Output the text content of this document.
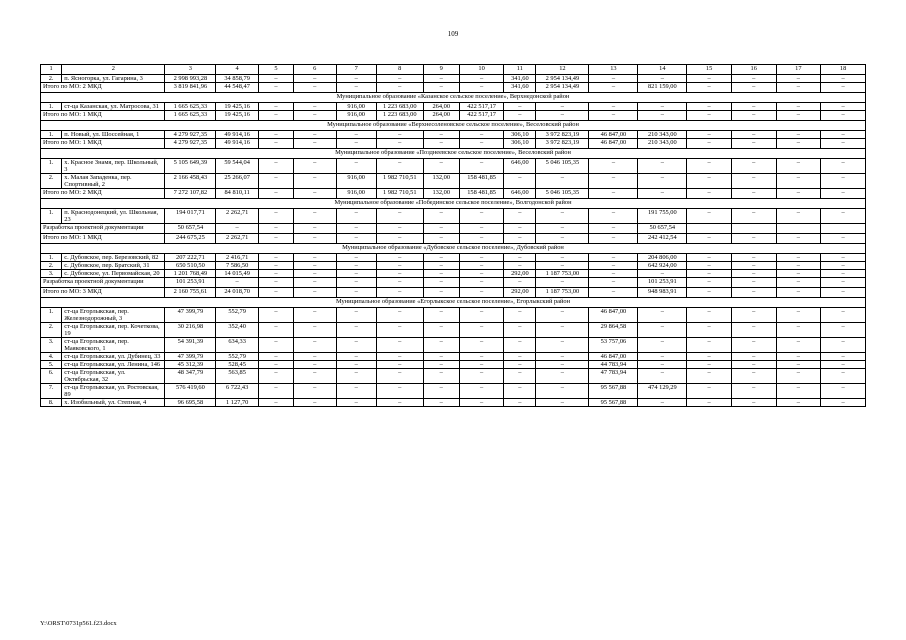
109
1	2	3	4	5	6	7	8	9	10	11	12	13	14	15	16	17	18
2.	п. Ясногорка, ул. Гагарина, 3	2 998 993,28	34 858,79	–	–	–	–	–	–	341,60	2 954 134,49	–	–	–	–	–	–
Итого по МО: 2 МКД		3 819 841,96	44 548,47	–	–	–	–	–	–	341,60	2 954 134,49	–	821 159,00	–	–	–	–
Муниципальное образование «Казанское сельское поселение», Верхнедонской район																	
1.	ст-ца Казанская, ул. Матросова, 31	1 665 625,33	19 425,16	–	–	916,00	1 223 683,00	264,00	422 517,17	–	–	–	–	–	–	–	–
Итого по МО: 1 МКД		1 665 625,33	19 425,16	–	–	916,00	1 223 683,00	264,00	422 517,17	–	–	–	–	–	–	–	–
Муниципальное образование «Верхнесоленовское сельское поселение», Веселовский район																	
1.	п. Новый, ул. Шоссейная, 1	4 279 927,35	49 914,16	–	–	–	–	–	–	306,10	3 972 823,19	46 847,00	210 343,00	–	–	–	–
Итого по МО: 1 МКД		4 279 927,35	49 914,16	–	–	–	–	–	–	306,10	3 972 823,19	46 847,00	210 343,00	–	–	–	–
Муниципальное образование «Позднеевское сельское поселение», Веселовский район																	
1.	х. Красное Знамя, пер. Школьный, 3	5 105 649,39	59 544,04	–	–	–	–	–	–	646,00	5 046 105,35	–	–	–	–	–	–
2.	х. Малая Западенка, пер. Спортивный, 2	2 166 458,43	25 266,07	–	–	916,00	1 982 710,51	132,00	158 481,85	–	–	–	–	–	–	–	–
Итого по МО: 2 МКД		7 272 107,82	84 810,11	–	–	916,00	1 982 710,51	132,00	158 481,85	646,00	5 046 105,35	–	–	–	–	–	–
Муниципальное образование «Побединское сельское поселение», Волгодонской район																	
1.	п. Краснодонецкий, ул. Школьная, 23	194 017,71	2 262,71	–	–	–	–	–	–	–	–	–	191 755,00	–	–	–	–
Разработка проектной документации		50 657,54	–	–	–	–	–	–	–	–	–	–	50 657,54				
Итого по МО: 1 МКД		244 675,25	2 262,71	–	–	–	–	–	–	–	–	–	242 412,54	–	–	–	–
Муниципальное образование «Дубовское сельское поселение», Дубовский район																	
1.	с. Дубовское, пер. Березовский, 82	207 222,71	2 416,71	–	–	–	–	–	–	–	–	–	204 806,00	–	–	–	–
2.	с. Дубовское, пер. Братский, 31	650 510,50	7 586,50	–	–	–	–	–	–	–	–	–	642 924,00	–	–	–	–
3.	с. Дубовское, ул. Первомайская, 20	1 201 768,49	14 015,49	–	–	–	–	–	–	292,00	1 187 753,00	–	–	–	–	–	–
Разработка проектной документации		101 253,91	–	–	–	–	–	–	–	–	–	–	101 253,91	–	–	–	–
Итого по МО: 3 МКД		2 160 755,61	24 018,70	–	–	–	–	–	–	292,00	1 187 753,00	–	948 983,91	–	–	–	–
Муниципальное образование «Егорлыкское сельское поселение», Егорлыкский район																	
1.	ст-ца Егорлыкская, пер. Железнодорожный, 3	47 399,79	552,79	–	–	–	–	–	–	–	–	46 847,00	–	–	–	–	–
2.	ст-ца Егорлыкская, пер. Кочеткова, 19	30 216,98	352,40	–	–	–	–	–	–	–	–	29 864,58	–	–	–	–	–
3.	ст-ца Егорлыкская, пер. Маяковского, 1	54 391,39	634,33	–	–	–	–	–	–	–	–	53 757,06	–	–	–	–	–
4.	ст-ца Егорлыкская, ул. Дубинец, 33	47 399,79	552,79	–	–	–	–	–	–	–	–	46 847,00	–	–	–	–	–
5.	ст-ца Егорлыкская, ул. Ленина, 146	45 312,39	528,45	–	–	–	–	–	–	–	–	44 783,94	–	–	–	–	–
6.	ст-ца Егорлыкская, ул. Октябрьская, 32	48 347,79	563,85	–	–	–	–	–	–	–	–	47 783,94	–	–	–	–	–
7.	ст-ца Егорлыкская, ул. Ростовская, 89	576 419,60	6 722,43	–	–	–	–	–	–	–	–	95 567,88	474 129,29	–	–	–	–
8.	х. Изобильный, ул. Степная, 4	96 695,58	1 127,70	–	–	–	–	–	–	–	–	95 567,88	–	–	–	–	–
Y:\ORST\0731p561.f23.docx
